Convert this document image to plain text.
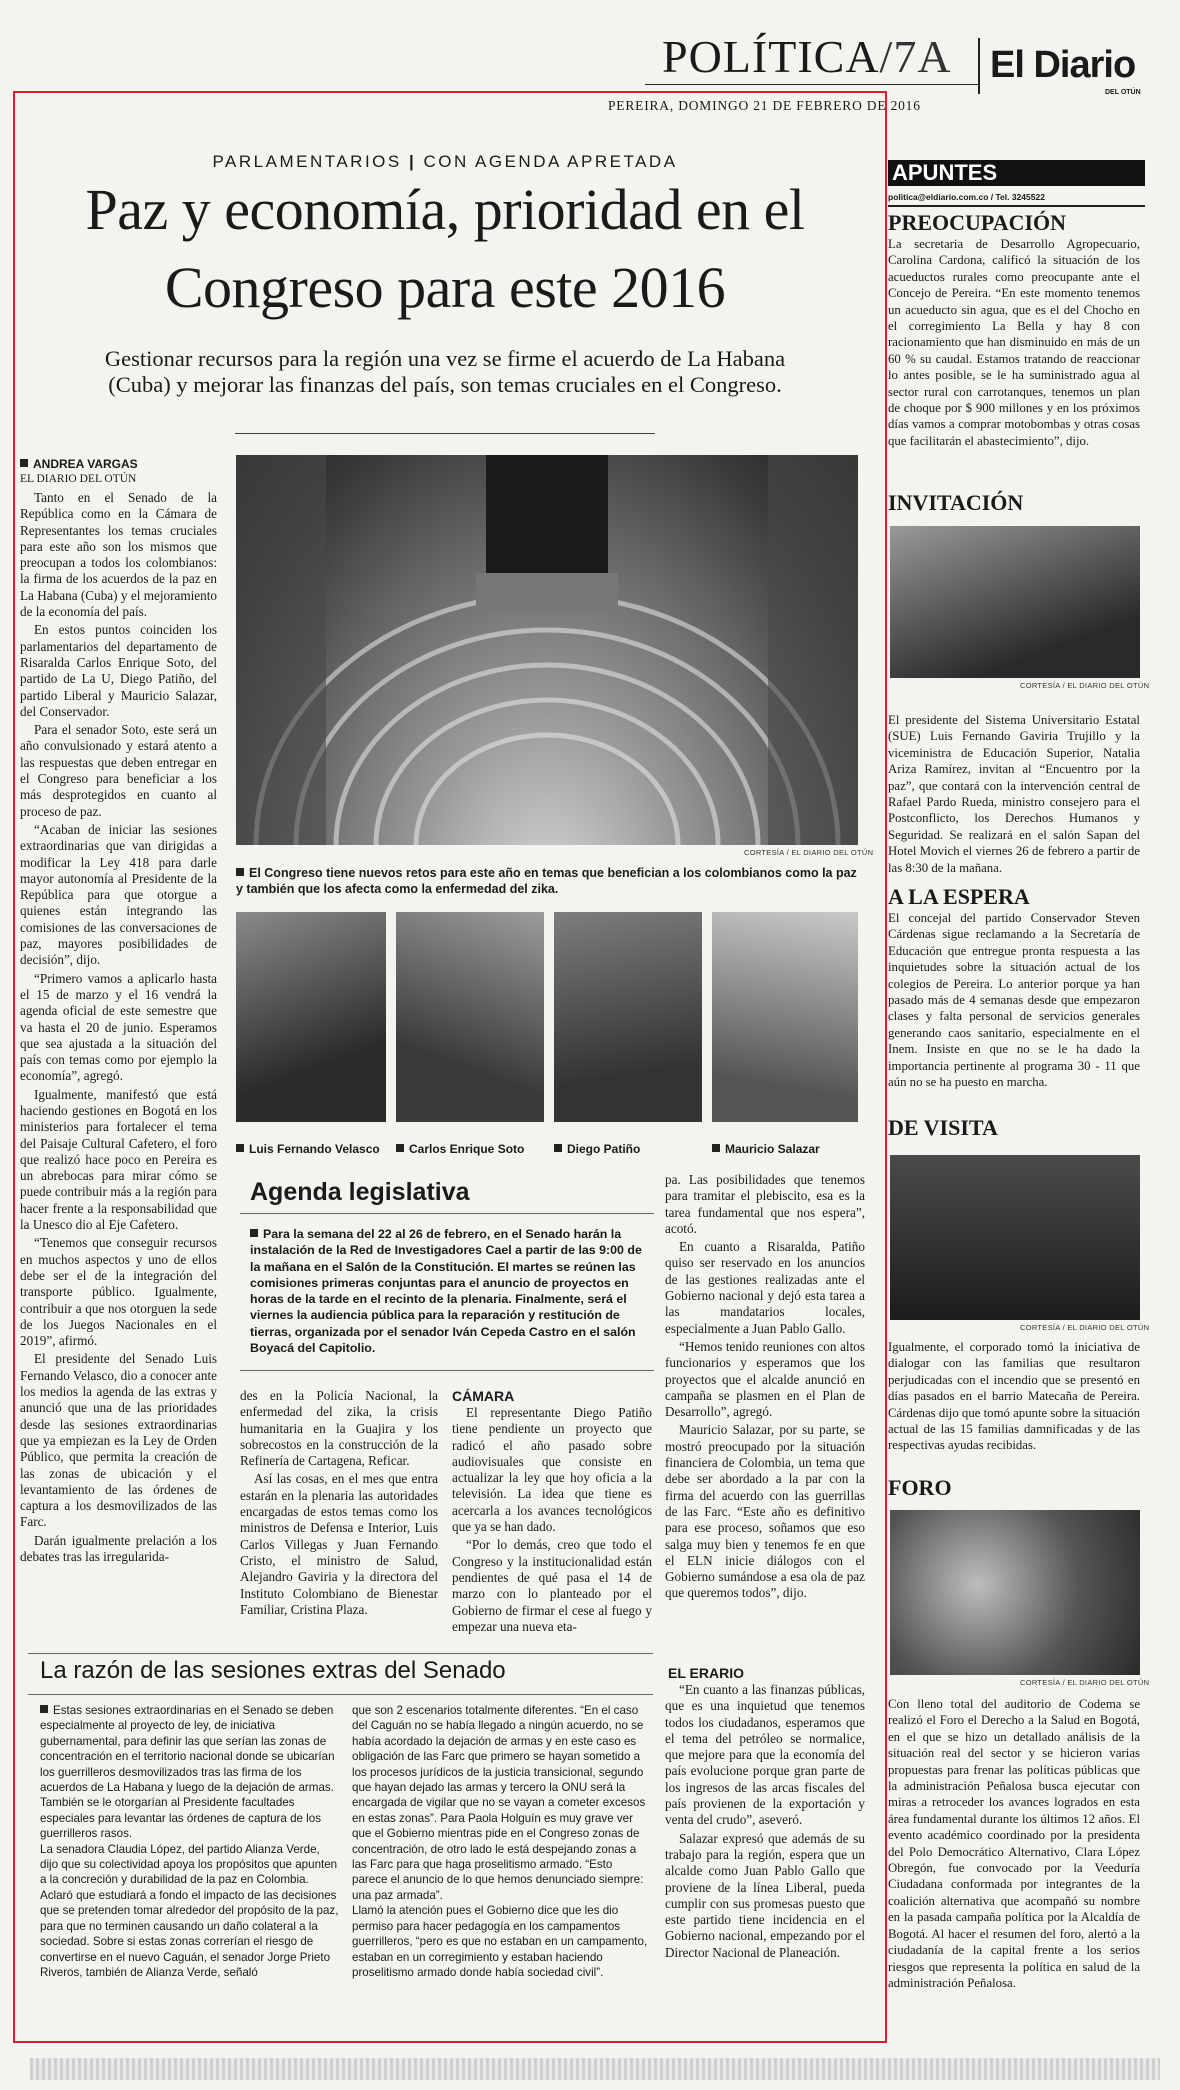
POLÍTICA/7A El Diario
DEL OTÚN
PEREIRA, DOMINGO 21 DE FEBRERO DE 2016
PARLAMENTARIOS | CON AGENDA APRETADA
Paz y economía, prioridad en el
Congreso para este 2016
Gestionar recursos para la región una vez se firme el acuerdo de La Habana (Cuba) y mejorar las finanzas del país, son temas cruciales en el Congreso.
ANDREA VARGAS
EL DIARIO DEL OTÚN

Tanto en el Senado de la República como en la Cámara de Representantes los temas cruciales para este año son los mismos que preocupan a todos los colombianos: la firma de los acuerdos de la paz en La Habana (Cuba) y el mejoramiento de la economía del país.

En estos puntos coinciden los parlamentarios del departamento de Risaralda Carlos Enrique Soto, del partido de La U, Diego Patiño, del partido Liberal y Mauricio Salazar, del Conservador.

Para el senador Soto, este será un año convulsionado y estará atento a las respuestas que deben entregar en el Congreso para beneficiar a los más desprotegidos en cuanto al proceso de paz.

“Acaban de iniciar las sesiones extraordinarias que van dirigidas a modificar la Ley 418 para darle mayor autonomía al Presidente de la República para que otorgue a quienes están integrando las comisiones de las conversaciones de paz, mayores posibilidades de decisión”, dijo.

“Primero vamos a aplicarlo hasta el 15 de marzo y el 16 vendrá la agenda oficial de este semestre que va hasta el 20 de junio. Esperamos que sea ajustada a la situación del país con temas como por ejemplo la economía”, agregó.

Igualmente, manifestó que está haciendo gestiones en Bogotá en los ministerios para fortalecer el tema del Paisaje Cultural Cafetero, el foro que realizó hace poco en Pereira es un abrebocas para mirar cómo se puede contribuir más a la región para hacer frente a la responsabilidad que la Unesco dio al Eje Cafetero.

“Tenemos que conseguir recursos en muchos aspectos y uno de ellos debe ser el de la integración del transporte público. Igualmente, contribuir a que nos otorguen la sede de los Juegos Nacionales en el 2019”, afirmó.

El presidente del Senado Luis Fernando Velasco, dio a conocer ante los medios la agenda de las extras y anunció que una de las prioridades desde las sesiones extraordinarias que ya empiezan es la Ley de Orden Público, que permita la creación de las zonas de ubicación y el levantamiento de las órdenes de captura a los desmovilizados de las Farc.

Darán igualmente prelación a los debates tras las irregularida-

CORTESÍA / EL DIARIO DEL OTÚN
El Congreso tiene nuevos retos para este año en temas que benefician a los colombianos como la paz y también que los afecta como la enfermedad del zika.
Luis Fernando Velasco	Carlos Enrique Soto	Diego Patiño	Mauricio Salazar
Agenda legislativa
Para la semana del 22 al 26 de febrero, en el Senado harán la instalación de la Red de Investigadores Cael a partir de las 9:00 de la mañana en el Salón de la Constitución. El martes se reúnen las comisiones primeras conjuntas para el anuncio de proyectos en horas de la tarde en el recinto de la plenaria. Finalmente, será el viernes la audiencia pública para la reparación y restitución de tierras, organizada por el senador Iván Cepeda Castro en el salón Boyacá del Capitolio.

des en la Policía Nacional, la enfermedad del zika, la crisis humanitaria en la Guajira y los sobrecostos en la construcción de la Refinería de Cartagena, Reficar.

Así las cosas, en el mes que entra estarán en la plenaria las autoridades encargadas de estos temas como los ministros de Defensa e Interior, Luis Carlos Villegas y Juan Fernando Cristo, el ministro de Salud, Alejandro Gaviria y la directora del Instituto Colombiano de Bienestar Familiar, Cristina Plaza.

CÁMARA

El representante Diego Patiño tiene pendiente un proyecto que radicó el año pasado sobre audiovisuales que consiste en actualizar la ley que hoy oficia a la televisión. La idea que tiene es acercarla a los avances tecnológicos que ya se han dado.

“Por lo demás, creo que todo el Congreso y la institucionalidad están pendientes de qué pasa el 14 de marzo con lo planteado por el Gobierno de firmar el cese al fuego y empezar una nueva eta-

pa. Las posibilidades que tenemos para tramitar el plebiscito, esa es la tarea fundamental que nos espera”, acotó.

En cuanto a Risaralda, Patiño quiso ser reservado en los anuncios de las gestiones realizadas ante el Gobierno nacional y dejó esta tarea a las mandatarios locales, especialmente a Juan Pablo Gallo.

“Hemos tenido reuniones con altos funcionarios y esperamos que los proyectos que el alcalde anunció en campaña se plasmen en el Plan de Desarrollo”, agregó.

Mauricio Salazar, por su parte, se mostró preocupado por la situación financiera de Colombia, un tema que debe ser abordado a la par con la firma del acuerdo con las guerrillas de las Farc. “Este año es definitivo para ese proceso, soñamos que eso salga muy bien y tenemos fe en que el ELN inicie diálogos con el Gobierno sumándose a esa ola de paz que queremos todos”, dijo.

EL ERARIO

“En cuanto a las finanzas públicas, que es una inquietud que tenemos todos los ciudadanos, esperamos que el tema del petróleo se normalice, que mejore para que la economía del país evolucione porque gran parte de los ingresos de las arcas fiscales del país provienen de la exportación y venta del crudo”, aseveró.

Salazar expresó que además de su trabajo para la región, espera que un alcalde como Juan Pablo Gallo que proviene de la línea Liberal, pueda cumplir con sus promesas puesto que este partido tiene incidencia en el Gobierno nacional, empezando por el Director Nacional de Planeación.

La razón de las sesiones extras del Senado
Estas sesiones extraordinarias en el Senado se deben especialmente al proyecto de ley, de iniciativa gubernamental, para definir las que serían las zonas de concentración en el territorio nacional donde se ubicarían los guerrilleros desmovilizados tras las firma de los acuerdos de La Habana y luego de la dejación de armas.
También se le otorgarían al Presidente facultades especiales para levantar las órdenes de captura de los guerrilleros rasos.
La senadora Claudia López, del partido Alianza Verde, dijo que su colectividad apoya los propósitos que apunten a la concreción y durabilidad de la paz en Colombia. Aclaró que estudiará a fondo el impacto de las decisiones que se pretenden tomar alrededor del propósito de la paz, para que no terminen causando un daño colateral a la sociedad. Sobre si estas zonas correrían el riesgo de convertirse en el nuevo Caguán, el senador Jorge Prieto Riveros, también de Alianza Verde, señaló
que son 2 escenarios totalmente diferentes. “En el caso del Caguán no se había llegado a ningún acuerdo, no se había acordado la dejación de armas y en este caso es obligación de las Farc que primero se hayan sometido a los procesos jurídicos de la justicia transicional, segundo que hayan dejado las armas y tercero la ONU será la encargada de vigilar que no se vayan a cometer excesos en estas zonas”. Para Paola Holguín es muy grave ver que el Gobierno mientras pide en el Congreso zonas de concentración, de otro lado le está despejando zonas a las Farc para que haga proselitismo armado. “Esto parece el anuncio de lo que hemos denunciado siempre: una paz armada”.
Llamó la atención pues el Gobierno dice que les dio permiso para hacer pedagogía en los campamentos guerrilleros, “pero es que no estaban en un campamento, estaban en un corregimiento y estaban haciendo proselitismo armado donde había sociedad civil”.
APUNTES
politica@eldiario.com.co / Tel. 3245522
PREOCUPACIÓN

La secretaria de Desarrollo Agropecuario, Carolina Cardona, calificó la situación de los acueductos rurales como preocupante ante el Concejo de Pereira. “En este momento tenemos un acueducto sin agua, que es el del Chocho en el corregimiento La Bella y hay 8 con racionamiento que han disminuido en más de un 60 % su caudal. Estamos tratando de reaccionar lo antes posible, se le ha suministrado agua al sector rural con carrotanques, tenemos un plan de choque por $ 900 millones y en los próximos días vamos a comprar motobombas y otras cosas que facilitarán el abastecimiento”, dijo.

INVITACIÓN
CORTESÍA / EL DIARIO DEL OTÚN

El presidente del Sistema Universitario Estatal (SUE) Luis Fernando Gaviria Trujillo y la viceministra de Educación Superior, Natalia Ariza Ramírez, invitan al “Encuentro por la paz”, que contará con la intervención central de Rafael Pardo Rueda, ministro consejero para el Postconflicto, los Derechos Humanos y Seguridad. Se realizará en el salón Sapan del Hotel Movich el viernes 26 de febrero a partir de las 8:30 de la mañana.

A LA ESPERA

El concejal del partido Conservador Steven Cárdenas sigue reclamando a la Secretaría de Educación que entregue pronta respuesta a las inquietudes sobre la situación actual de los colegios de Pereira. Lo anterior porque ya han pasado más de 4 semanas desde que empezaron clases y falta personal de servicios generales generando caos sanitario, especialmente en el Inem. Insiste en que no se le ha dado la importancia pertinente al programa 30 - 11 que aún no se ha puesto en marcha.

DE VISITA
CORTESÍA / EL DIARIO DEL OTÚN

Igualmente, el corporado tomó la iniciativa de dialogar con las familias que resultaron perjudicadas con el incendio que se presentó en días pasados en el barrio Matecaña de Pereira. Cárdenas dijo que tomó apunte sobre la situación actual de las 15 familias damnificadas y de las respectivas ayudas recibidas.

FORO
CORTESÍA / EL DIARIO DEL OTÚN

Con lleno total del auditorio de Codema se realizó el Foro el Derecho a la Salud en Bogotá, en el que se hizo un detallado análisis de la situación real del sector y se hicieron varias propuestas para frenar las políticas públicas que la administración Peñalosa busca ejecutar con miras a retroceder los avances logrados en esta área fundamental durante los últimos 12 años. El evento académico coordinado por la presidenta del Polo Democrático Alternativo, Clara López Obregón, fue convocado por la Veeduría Ciudadana conformada por integrantes de la coalición alternativa que acompañó su nombre en la pasada campaña política por la Alcaldía de Bogotá. Al hacer el resumen del foro, alertó a la ciudadanía de la capital frente a los serios riesgos que representa la política en salud de la administración Peñalosa.
